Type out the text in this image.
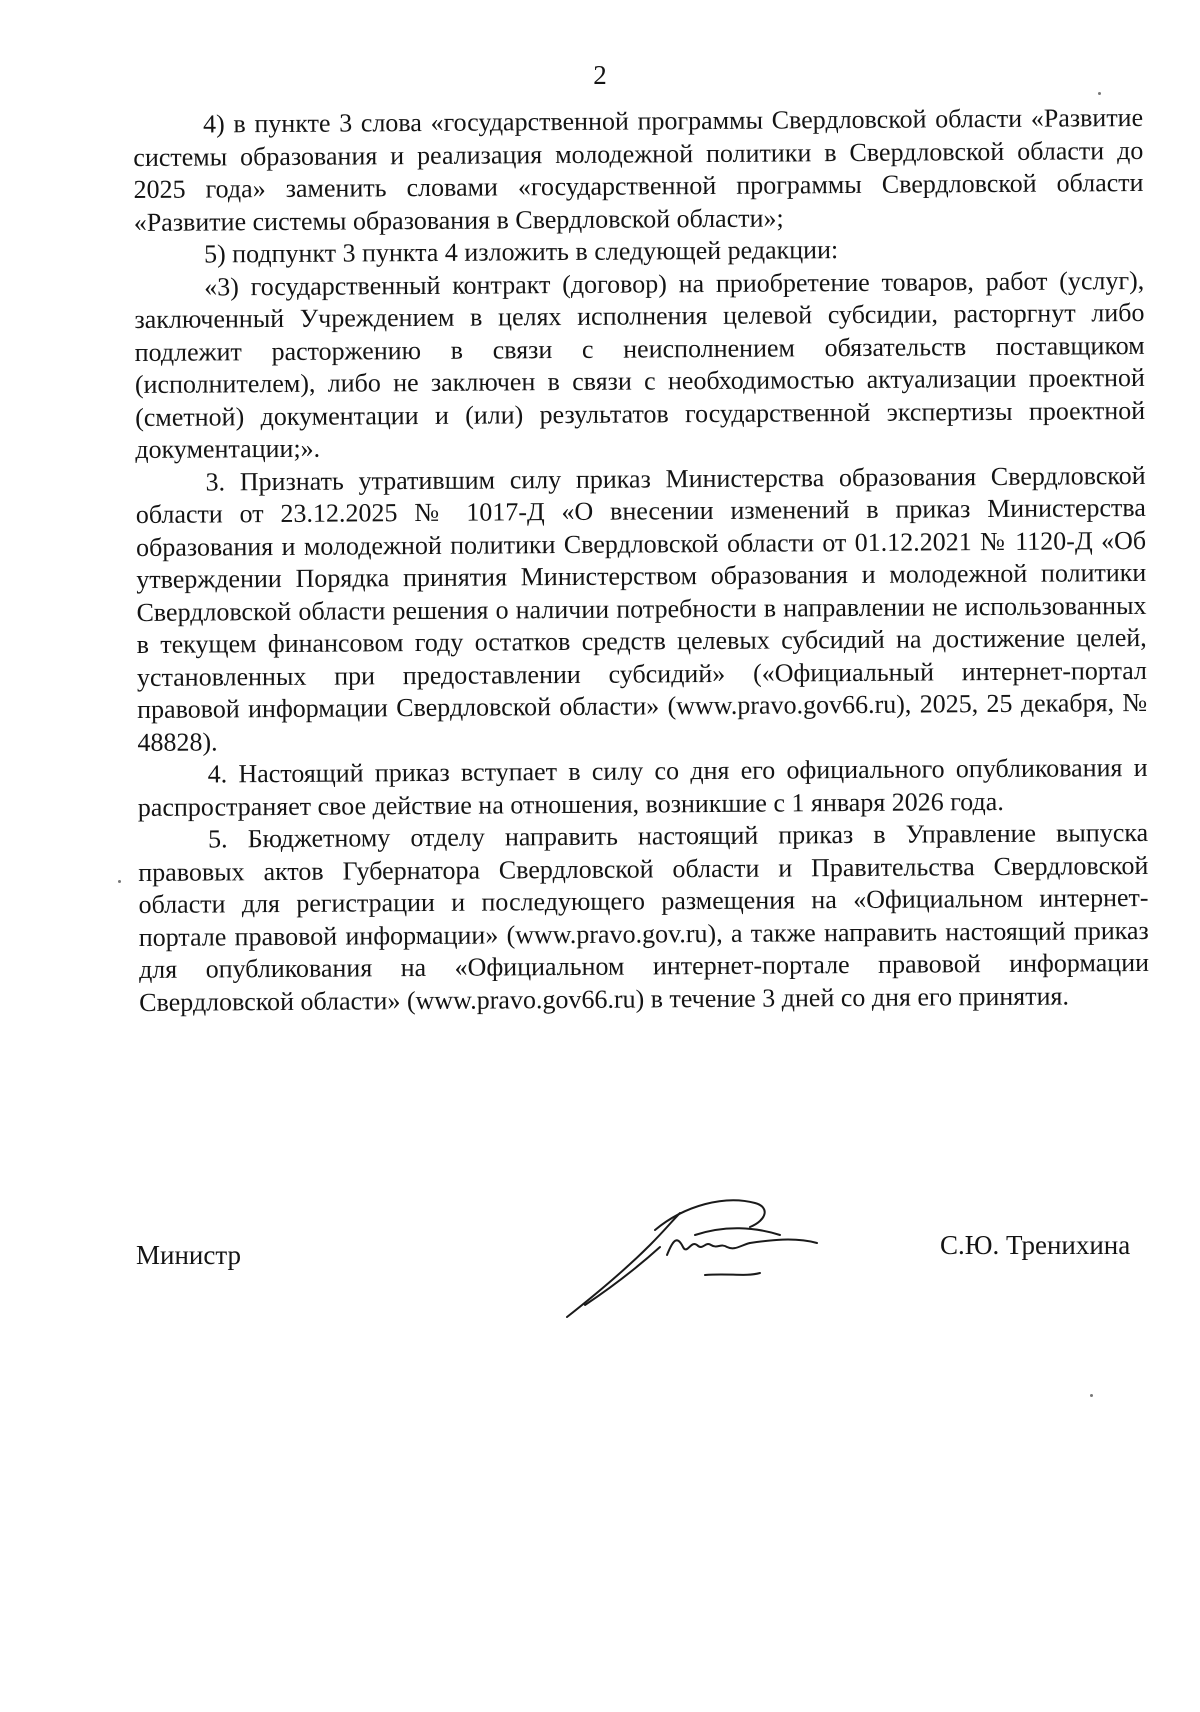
2

4) в пункте 3 слова «государственной программы Свердловской области «Развитие системы образования и реализация молодежной политики в Свердловской области до 2025 года» заменить словами «государственной программы Свердловской области «Развитие системы образования в Свердловской области»;

5) подпункт 3 пункта 4 изложить в следующей редакции:

«3) государственный контракт (договор) на приобретение товаров, работ (услуг), заключенный Учреждением в целях исполнения целевой субсидии, расторгнут либо подлежит расторжению в связи с неисполнением обязательств поставщиком (исполнителем), либо не заключен в связи с необходимостью актуализации проектной (сметной) документации и (или) результатов государственной экспертизы проектной документации;».

3. Признать утратившим силу приказ Министерства образования Свердловской области от 23.12.2025 № 1017-Д «О внесении изменений в приказ Министерства образования и молодежной политики Свердловской области от 01.12.2021 № 1120-Д «Об утверждении Порядка принятия Министерством образования и молодежной политики Свердловской области решения о наличии потребности в направлении не использованных в текущем финансовом году остатков средств целевых субсидий на достижение целей, установленных при предоставлении субсидий» («Официальный интернет-портал правовой информации Свердловской области» (www.pravo.gov66.ru), 2025, 25 декабря, № 48828).

4. Настоящий приказ вступает в силу со дня его официального опубликования и распространяет свое действие на отношения, возникшие с 1 января 2026 года.

5. Бюджетному отделу направить настоящий приказ в Управление выпуска правовых актов Губернатора Свердловской области и Правительства Свердловской области для регистрации и последующего размещения на «Официальном интернет-портале правовой информации» (www.pravo.gov.ru), а также направить настоящий приказ для опубликования на «Официальном интернет-портале правовой информации Свердловской области» (www.pravo.gov66.ru) в течение 3 дней со дня его принятия.

Министр	С.Ю. Тренихина
